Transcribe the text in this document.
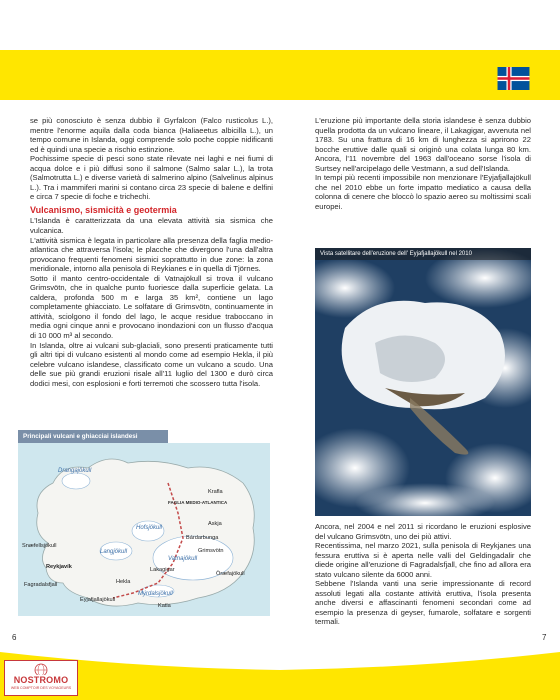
se più conosciuto è senza dubbio il Gyrfalcon (Falco rusticolus L.), mentre l'enorme aquila dalla coda bianca (Haliaeetus albicilla L.), un tempo comune in Islanda, oggi comprende solo poche coppie nidificanti ed è quindi una specie a rischio estinzione.

Pochissime specie di pesci sono state rilevate nei laghi e nei fiumi di acqua dolce e i più diffusi sono il salmone (Salmo salar L.), la trota (Salmotrutta L.) e diverse varietà di salmerino alpino (Salvelinus alpinus L.). Tra i mammiferi marini si contano circa 23 specie di balene e delfini e circa 7 specie di foche e trichechi.

Vulcanismo, sismicità e geotermia

L'Islanda è caratterizzata da una elevata attività sia sismica che vulcanica.

L'attività sismica è legata in particolare alla presenza della faglia medio-atlantica che attraversa l'isola; le placche che divergono l'una dall'altra provocano frequenti fenomeni sismici soprattutto in due zone: la zona meridionale, intorno alla penisola di Reykianes e in quella di Tjörnes.

Sotto il manto centro-occidentale di Vatnajökull si trova il vulcano Grimsvötn, che in qualche punto fuoriesce dalla superficie gelata. La caldera, profonda 500 m e larga 35 km², contiene un lago completamente ghiacciato. Le solfatare di Grimsvötn, continuamente in attività, sciolgono il fondo del lago, le acque residue traboccano in media ogni cinque anni e provocano inondazioni con un flusso d'acqua di 10 000 m³ al secondo.

In Islanda, oltre ai vulcani sub-glaciali, sono presenti praticamente tutti gli altri tipi di vulcano esistenti al mondo come ad esempio Hekla, il più celebre vulcano islandese, classificato come un vulcano a scudo. Una delle sue più grandi eruzioni risale all'11 luglio del 1300 e durò circa dodici mesi, con esplosioni e forti terremoti che scossero tutta l'isola.

L'eruzione più importante della storia islandese è senza dubbio quella prodotta da un vulcano lineare, il Lakagigar, avvenuta nel 1783. Su una frattura di 16 km di lunghezza si aprirono 22 bocche eruttive dalle quali si originò una colata lunga 80 km. Ancora, l'11 novembre del 1963 dall'oceano sorse l'isola di Surtsey nell'arcipelago delle Vestmann, a sud dell'Islanda.

In tempi più recenti impossibile non menzionare l'Eyjafjallajökull che nel 2010 ebbe un forte impatto mediatico a causa della colonna di cenere che bloccò lo spazio aereo su moltissimi scali europei.

Vista satellitare dell'eruzione dell' Eyjafjallajökull nel 2010

Ancora, nel 2004 e nel 2011 si ricordano le eruzioni esplosive del vulcano Grimsvötn, uno dei più attivi.

Recentissima, nel marzo 2021, sulla penisola di Reykjanes una fessura eruttiva si è aperta nelle valli del Geldingadalir che diede origine all'eruzione di Fagradalsfjall, che fino ad allora era stato vulcano silente da 6000 anni.

Sebbene l'Islanda vanti una serie impressionante di record assoluti legati alla costante attività eruttiva, l'isola presenta anche diversi e affascinanti fenomeni secondari come ad esempio la presenza di geyser, fumarole, solfatare e sorgenti termali.

Principali vulcani e ghiacciai islandesi
Drangajökull
Hofsjökull
Langjökull
Vatnajökull
Mýrdalsjökull
Krafla
Askja
Bárdarbunga
Grimsvötn
Öræfajökull
Lakagigar
Hekla
Katla
Eyjafjallajökull
Fagradalsfjall
Snæfellsjökull
Reykjavík
FAGLIA MEDIO-ATLANTICA
6	7
NOSTROMO
WEB COMPTOIR DES VOYAGEURS
